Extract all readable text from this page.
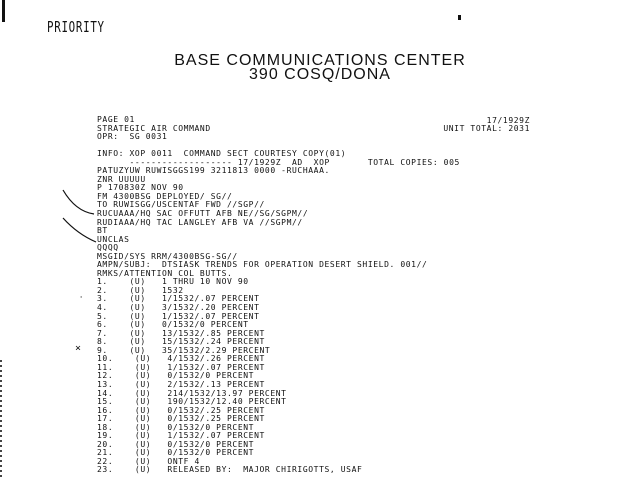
PRIORITY
BASE COMMUNICATIONS CENTER
390 COSQ/DONA
17/1929Z
UNIT TOTAL: 2031
PAGE 01
STRATEGIC AIR COMMAND
OPR:  SG 0031
INFO: XOP 0011  COMMAND SECT COURTESY COPY(01)
------------------- 17/1929Z  AD  XOP       TOTAL COPIES: 005
PATUZYUW RUWISGGS199 3211813 0000 -RUCHAAA.
ZNR UUUUU
P 170830Z NOV 90
FM 4300BSG DEPLOYED/ SG//
TO RUWISGG/USCENTAF FWD //SGP//
RUCUAAA/HQ SAC OFFUTT AFB NE//SG/SGPM//
RUDIAAA/HQ TAC LANGLEY AFB VA //SGPM//
BT
UNCLAS
QQQQ
MSGID/SYS RRM/4300BSG-SG//
AMPN/SUBJ:  DTSIASK TRENDS FOR OPERATION DESERT SHIELD. 001//
RMKS/ATTENTION COL BUTTS.
1.    (U)   1 THRU 10 NOV 90
2.    (U)   1532
3.    (U)   1/1532/.07 PERCENT
4.    (U)   3/1532/.20 PERCENT
5.    (U)   1/1532/.07 PERCENT
6.    (U)   0/1532/0 PERCENT
7.    (U)   13/1532/.85 PERCENT
8.    (U)   15/1532/.24 PERCENT
9.    (U)   35/1532/2.29 PERCENT
10.    (U)   4/1532/.26 PERCENT
11.    (U)   1/1532/.07 PERCENT
12.    (U)   0/1532/0 PERCENT
13.    (U)   2/1532/.13 PERCENT
14.    (U)   214/1532/13.97 PERCENT
15.    (U)   190/1532/12.40 PERCENT
16.    (U)   0/1532/.25 PERCENT
17.    (U)   0/1532/.25 PERCENT
18.    (U)   0/1532/0 PERCENT
19.    (U)   1/1532/.07 PERCENT
20.    (U)   0/1532/0 PERCENT
21.    (U)   0/1532/0 PERCENT
22.    (U)   ONTF 4
23.    (U)   RELEASED BY:  MAJOR CHIRIGOTTS, USAF
×
'
